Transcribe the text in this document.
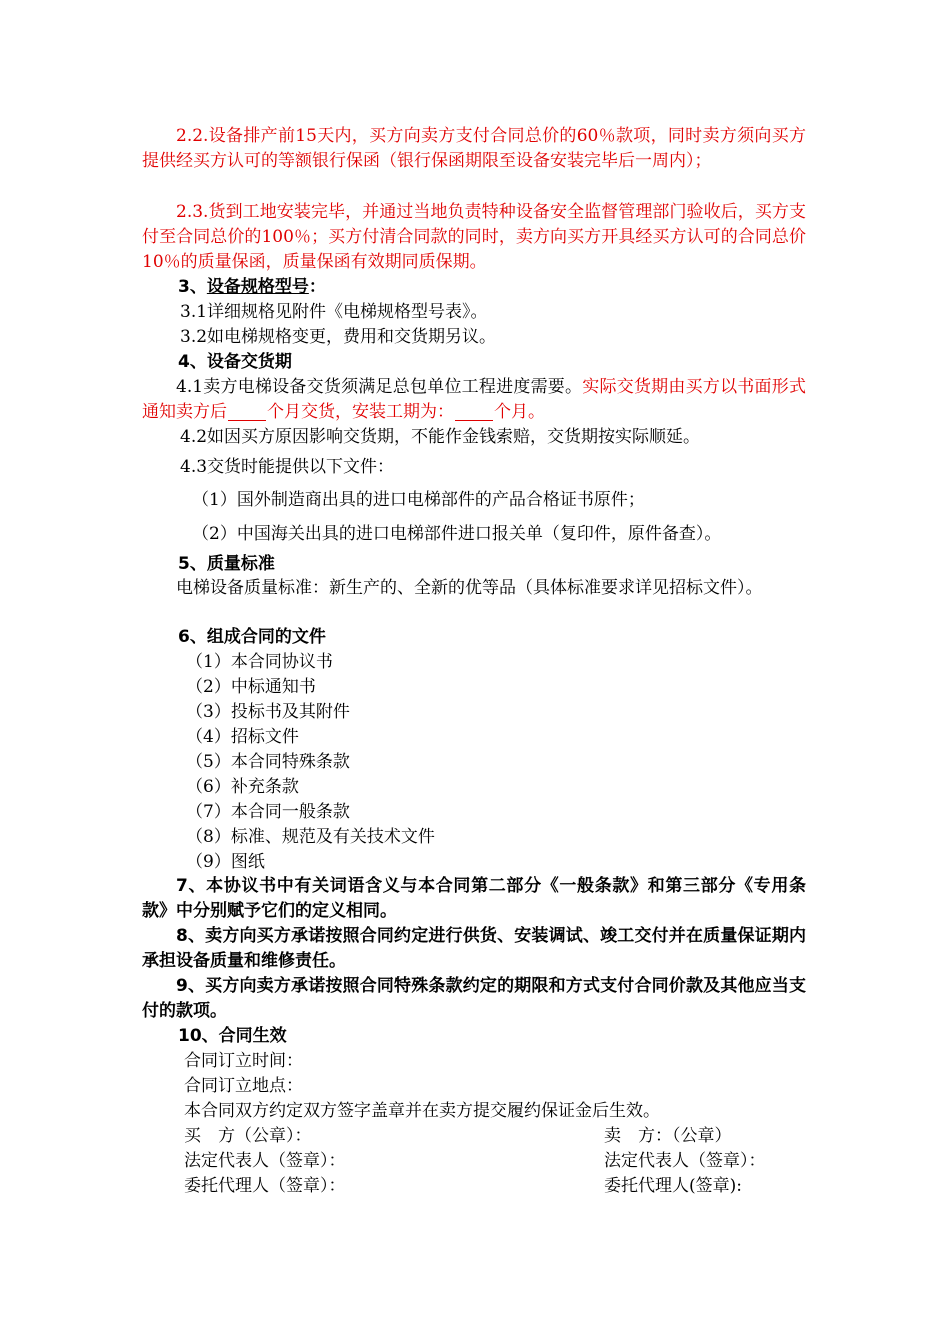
2.2.设备排产前15天内，买方向卖方支付合同总价的60％款项，同时卖方须向买方提供经买方认可的等额银行保函（银行保函期限至设备安装完毕后一周内）；
2.3.货到工地安装完毕，并通过当地负责特种设备安全监督管理部门验收后，买方支付至合同总价的100％；买方付清合同款的同时，卖方向买方开具经买方认可的合同总价10％的质量保函，质量保函有效期同质保期。
3、设备规格型号：
3.1详细规格见附件《电梯规格型号表》。
3.2如电梯规格变更，费用和交货期另议。
4、设备交货期
4.1卖方电梯设备交货须满足总包单位工程进度需要。实际交货期由买方以书面形式通知卖方后 个月交货，安装工期为： 个月。
4.2如因买方原因影响交货期，不能作金钱索赔，交货期按实际顺延。
4.3交货时能提供以下文件：
（1）国外制造商出具的进口电梯部件的产品合格证书原件；
（2）中国海关出具的进口电梯部件进口报关单（复印件，原件备查）。
5、质量标准
电梯设备质量标准：新生产的、全新的优等品（具体标准要求详见招标文件）。
6、组成合同的文件
（1）本合同协议书
（2）中标通知书
（3）投标书及其附件
（4）招标文件
（5）本合同特殊条款
（6）补充条款
（7）本合同一般条款
（8）标准、规范及有关技术文件
（9）图纸
7、本协议书中有关词语含义与本合同第二部分《一般条款》和第三部分《专用条款》中分别赋予它们的定义相同。
8、卖方向买方承诺按照合同约定进行供货、安装调试、竣工交付并在质量保证期内承担设备质量和维修责任。
9、买方向卖方承诺按照合同特殊条款约定的期限和方式支付合同价款及其他应当支付的款项。
10、合同生效
合同订立时间：
合同订立地点：
本合同双方约定双方签字盖章并在卖方提交履约保证金后生效。
买　方（公章）：
法定代表人（签章）：
委托代理人（签章）：
卖　方：（公章）
法定代表人（签章）：
委托代理人(签章):
